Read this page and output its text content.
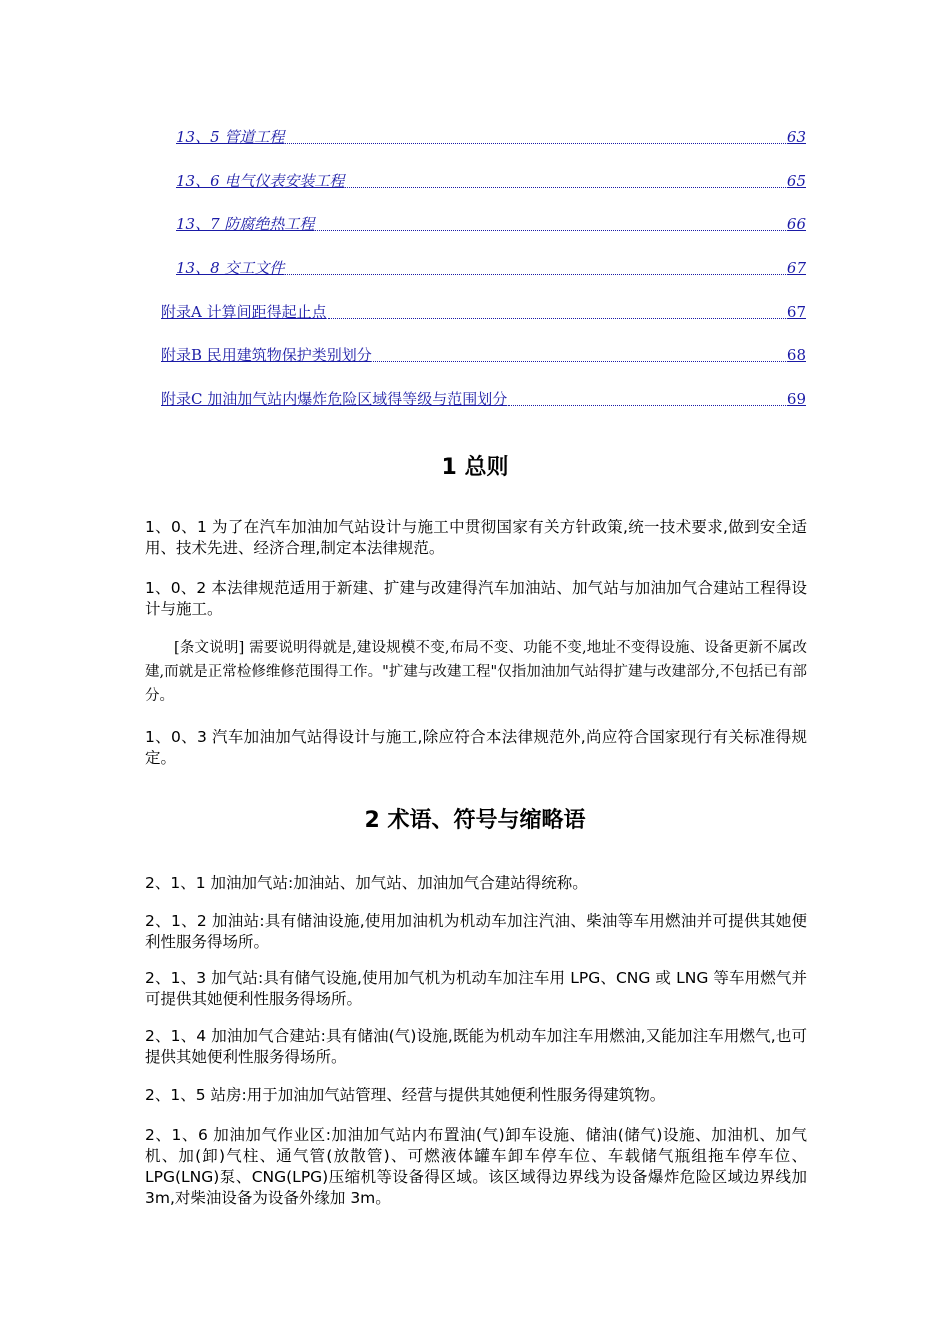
13、5 管道工程	63
13、6 电气仪表安装工程	65
13、7 防腐绝热工程	66
13、8 交工文件	67
附录A 计算间距得起止点	67
附录B 民用建筑物保护类别划分	68
附录C 加油加气站内爆炸危险区域得等级与范围划分	69
1 总则

1、0、1 为了在汽车加油加气站设计与施工中贯彻国家有关方针政策,统一技术要求,做到安全适用、技术先进、经济合理,制定本法律规范。

1、0、2 本法律规范适用于新建、扩建与改建得汽车加油站、加气站与加油加气合建站工程得设计与施工。

[条文说明] 需要说明得就是,建设规模不变,布局不变、功能不变,地址不变得设施、设备更新不属改建,而就是正常检修维修范围得工作。"扩建与改建工程"仅指加油加气站得扩建与改建部分,不包括已有部分。

1、0、3 汽车加油加气站得设计与施工,除应符合本法律规范外,尚应符合国家现行有关标准得规定。

2 术语、符号与缩略语

2、1、1 加油加气站:加油站、加气站、加油加气合建站得统称。

2、1、2 加油站:具有储油设施,使用加油机为机动车加注汽油、柴油等车用燃油并可提供其她便利性服务得场所。

2、1、3 加气站:具有储气设施,使用加气机为机动车加注车用 LPG、CNG 或 LNG 等车用燃气并可提供其她便利性服务得场所。

2、1、4 加油加气合建站:具有储油(气)设施,既能为机动车加注车用燃油,又能加注车用燃气,也可提供其她便利性服务得场所。

2、1、5 站房:用于加油加气站管理、经营与提供其她便利性服务得建筑物。

2、1、6 加油加气作业区:加油加气站内布置油(气)卸车设施、储油(储气)设施、加油机、加气机、加(卸)气柱、通气管(放散管)、可燃液体罐车卸车停车位、车载储气瓶组拖车停车位、LPG(LNG)泵、CNG(LPG)压缩机等设备得区域。该区域得边界线为设备爆炸危险区域边界线加 3m,对柴油设备为设备外缘加 3m。
